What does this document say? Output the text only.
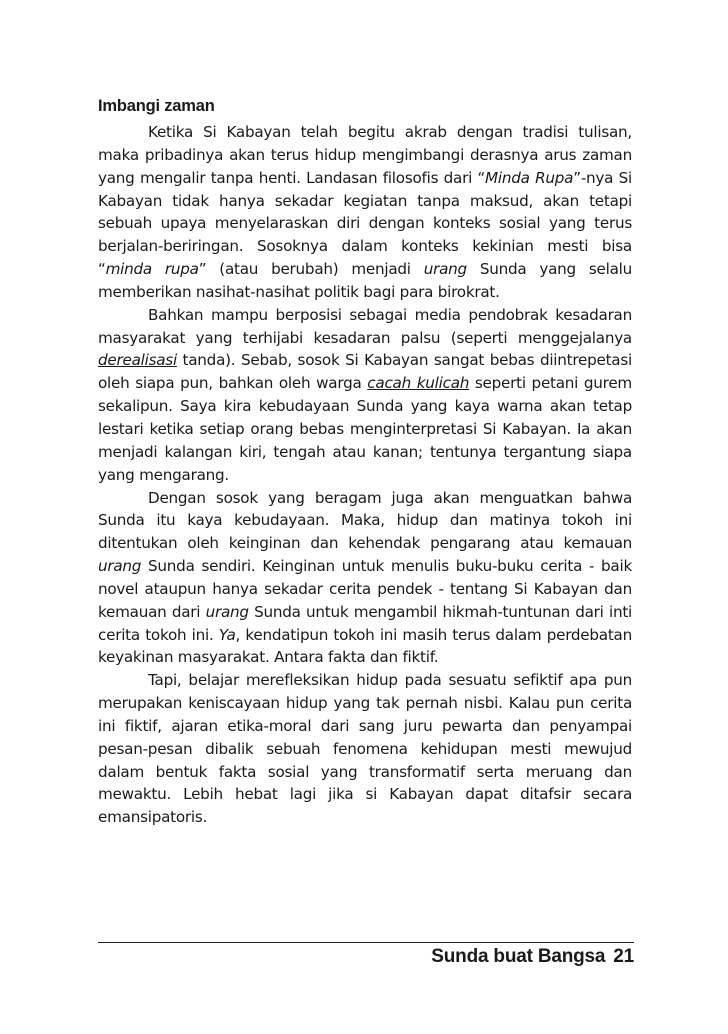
Imbangi zaman

Ketika Si Kabayan telah begitu akrab dengan tradisi tulisan, maka pribadinya akan terus hidup mengimbangi derasnya arus zaman yang mengalir tanpa henti. Landasan filosofis dari “Minda Rupa”-nya Si Kabayan tidak hanya sekadar kegiatan tanpa maksud, akan tetapi sebuah upaya menyelaraskan diri dengan konteks sosial yang terus berjalan-beriringan. Sosoknya dalam konteks kekinian mesti bisa “minda rupa” (atau berubah) menjadi urang Sunda yang selalu memberikan nasihat-nasihat politik bagi para birokrat.

Bahkan mampu berposisi sebagai media pendobrak kesadaran masyarakat yang terhijabi kesadaran palsu (seperti menggejalanya derealisasi tanda). Sebab, sosok Si Kabayan sangat bebas diintrepetasi oleh siapa pun, bahkan oleh warga cacah kulicah seperti petani gurem sekalipun. Saya kira kebudayaan Sunda yang kaya warna akan tetap lestari ketika setiap orang bebas menginterpretasi Si Kabayan. Ia akan menjadi kalangan kiri, tengah atau kanan; tentunya tergantung siapa yang mengarang.

Dengan sosok yang beragam juga akan menguatkan bahwa Sunda itu kaya kebudayaan. Maka, hidup dan matinya tokoh ini ditentukan oleh keinginan dan kehendak pengarang atau kemauan urang Sunda sendiri. Keinginan untuk menulis buku-buku cerita - baik novel ataupun hanya sekadar cerita pendek - tentang Si Kabayan dan kemauan dari urang Sunda untuk mengambil hikmah-tuntunan dari inti cerita tokoh ini. Ya, kendatipun tokoh ini masih terus dalam perdebatan keyakinan masyarakat. Antara fakta dan fiktif.

Tapi, belajar merefleksikan hidup pada sesuatu sefiktif apa pun merupakan keniscayaan hidup yang tak pernah nisbi. Kalau pun cerita ini fiktif, ajaran etika-moral dari sang juru pewarta dan penyampai pesan-pesan dibalik sebuah fenomena kehidupan mesti mewujud dalam bentuk fakta sosial yang transformatif serta meruang dan mewaktu. Lebih hebat lagi jika si Kabayan dapat ditafsir secara emansipatoris.

Sunda buat Bangsa 21
